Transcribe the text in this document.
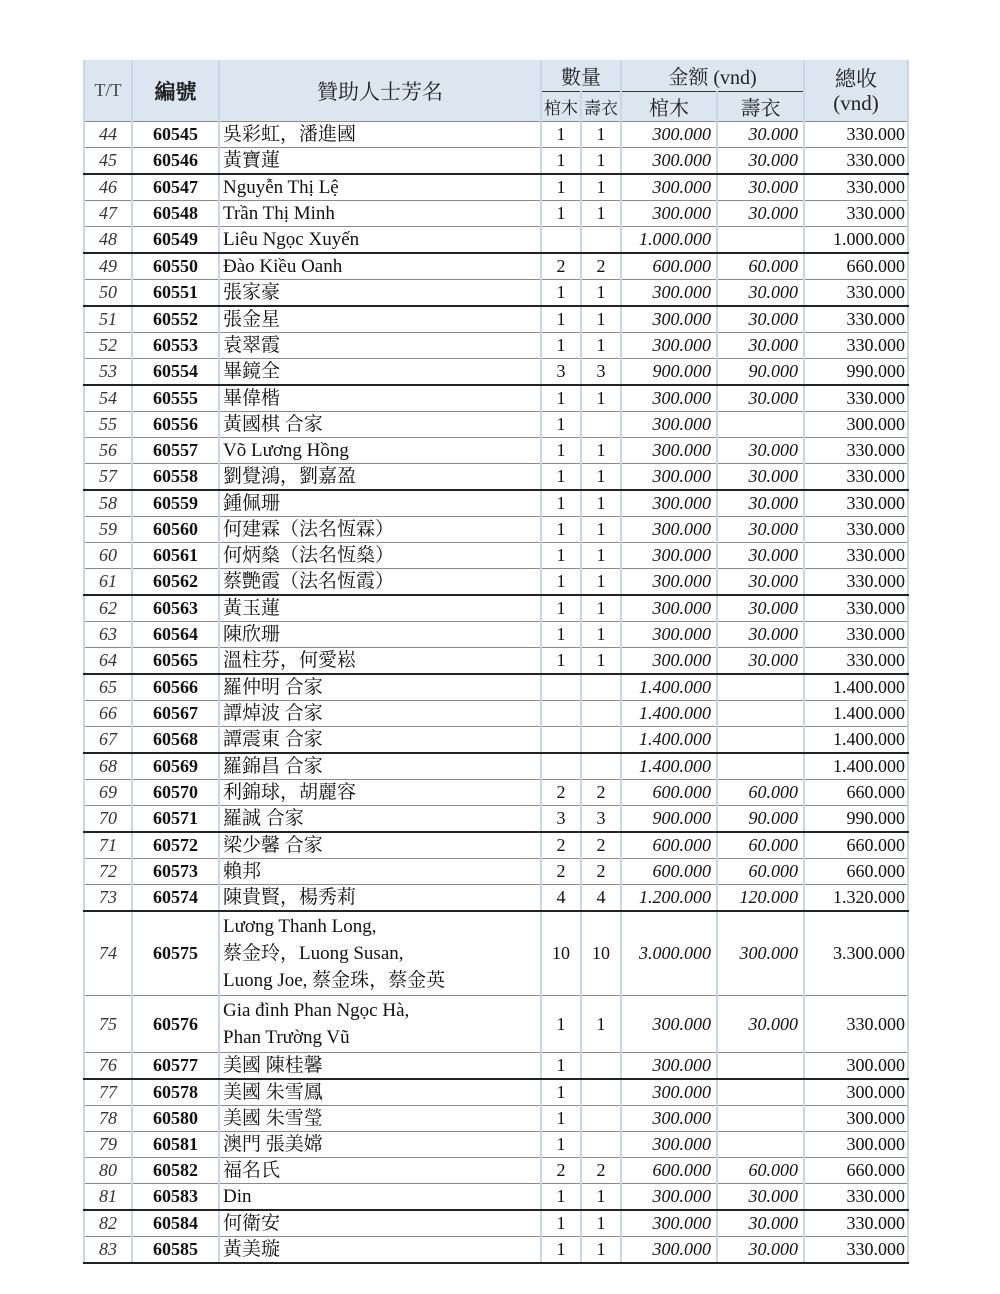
T/T	編號	贊助人士芳名	數量		金额 (vnd)		總收
(vnd)

			棺木	壽衣	棺木	壽衣	
44	60545	吳彩虹，潘進國	1	1	300.000	30.000	330.000
45	60546	黃寶蓮	1	1	300.000	30.000	330.000
46	60547	Nguyễn Thị Lệ	1	1	300.000	30.000	330.000
47	60548	Trần Thị Minh	1	1	300.000	30.000	330.000
48	60549	Liêu Ngọc Xuyến			1.000.000		1.000.000
49	60550	Đào Kiều Oanh	2	2	600.000	60.000	660.000
50	60551	張家豪	1	1	300.000	30.000	330.000
51	60552	張金星	1	1	300.000	30.000	330.000
52	60553	袁翠霞	1	1	300.000	30.000	330.000
53	60554	畢鏡全	3	3	900.000	90.000	990.000
54	60555	畢偉楷	1	1	300.000	30.000	330.000
55	60556	黃國棋 合家	1		300.000		300.000
56	60557	Võ Lương Hồng	1	1	300.000	30.000	330.000
57	60558	劉覺鴻，劉嘉盈	1	1	300.000	30.000	330.000
58	60559	鍾佩珊	1	1	300.000	30.000	330.000
59	60560	何建霖（法名恆霖）	1	1	300.000	30.000	330.000
60	60561	何炳燊（法名恆燊）	1	1	300.000	30.000	330.000
61	60562	蔡艷霞（法名恆霞）	1	1	300.000	30.000	330.000
62	60563	黃玉蓮	1	1	300.000	30.000	330.000
63	60564	陳欣珊	1	1	300.000	30.000	330.000
64	60565	溫柱芬，何愛崧	1	1	300.000	30.000	330.000
65	60566	羅仲明 合家			1.400.000		1.400.000
66	60567	譚焯波 合家			1.400.000		1.400.000
67	60568	譚震東 合家			1.400.000		1.400.000
68	60569	羅錦昌 合家			1.400.000		1.400.000
69	60570	利錦球，胡麗容	2	2	600.000	60.000	660.000
70	60571	羅誠 合家	3	3	900.000	90.000	990.000
71	60572	梁少馨 合家	2	2	600.000	60.000	660.000
72	60573	賴邦	2	2	600.000	60.000	660.000
73	60574	陳貴賢，楊秀莉	4	4	1.200.000	120.000	1.320.000
74	60575	Lương Thanh Long,
蔡金玲，Luong Susan,
Luong Joe, 蔡金珠，蔡金英	10	10	3.000.000	300.000	3.300.000
75	60576	Gia đình Phan Ngọc Hà,
Phan Trường Vũ	1	1	300.000	30.000	330.000
76	60577	美國 陳桂馨	1		300.000		300.000
77	60578	美國 朱雪鳳	1		300.000		300.000
78	60580	美國 朱雪瑩	1		300.000		300.000
79	60581	澳門 張美嫦	1		300.000		300.000
80	60582	福名氏	2	2	600.000	60.000	660.000
81	60583	Din	1	1	300.000	30.000	330.000
82	60584	何衛安	1	1	300.000	30.000	330.000
83	60585	黃美璇	1	1	300.000	30.000	330.000
